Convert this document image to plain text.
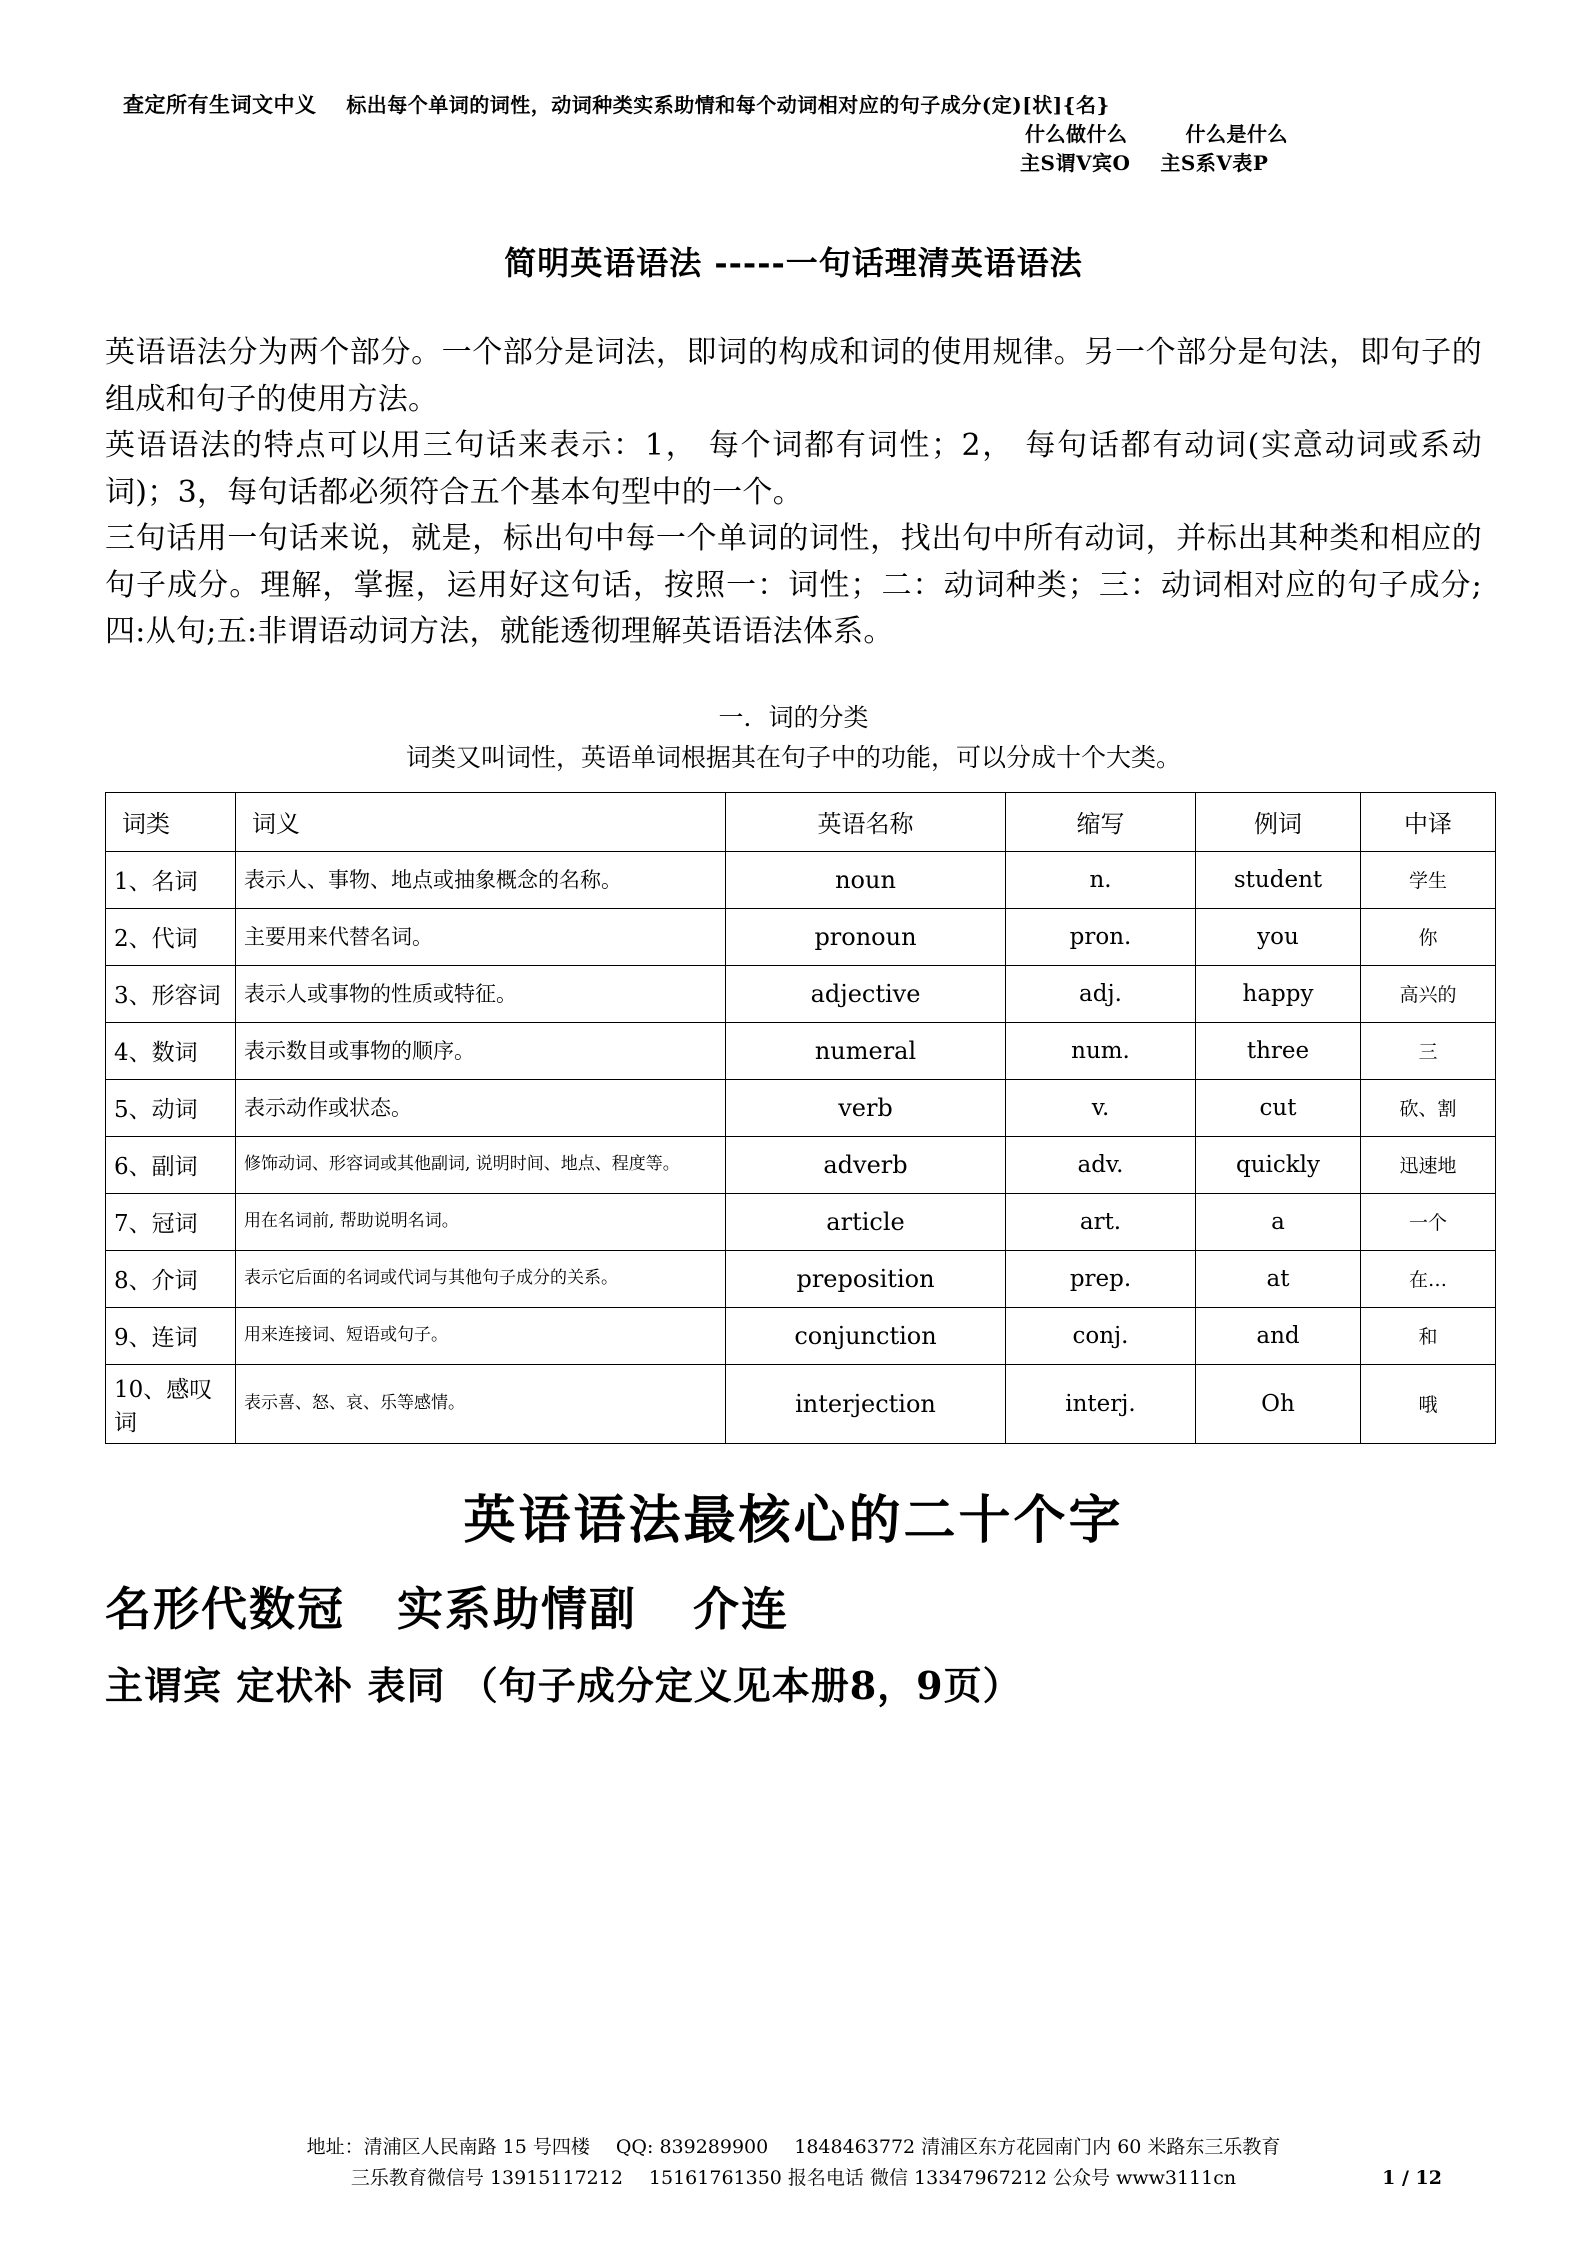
查定所有生词文中义 标出每个单词的词性，动词种类实系助情和每个动词相对应的句子成分(定)[状]{名}
什么做什么	什么是什么
主S谓V宾O 主S系V表P
简明英语语法 -----一句话理清英语语法

英语语法分为两个部分。一个部分是词法，即词的构成和词的使用规律。另一个部分是句法，即句子的组成和句子的使用方法。

英语语法的特点可以用三句话来表示：1， 每个词都有词性；2， 每句话都有动词(实意动词或系动词)；3，每句话都必须符合五个基本句型中的一个。

三句话用一句话来说，就是，标出句中每一个单词的词性，找出句中所有动词，并标出其种类和相应的句子成分。理解，掌握，运用好这句话，按照一：词性；二：动词种类；三：动词相对应的句子成分;四:从句;五:非谓语动词方法，就能透彻理解英语语法体系。

一．词的分类
词类又叫词性，英语单词根据其在句子中的功能，可以分成十个大类。
词类	词义	英语名称	缩写	例词	中译
1、名词	表示人、事物、地点或抽象概念的名称。	noun	n.	student	学生
2、代词	主要用来代替名词。	pronoun	pron.	you	你
3、形容词	表示人或事物的性质或特征。	adjective	adj.	happy	高兴的
4、数词	表示数目或事物的顺序。	numeral	num.	three	三
5、动词	表示动作或状态。	verb	v.	cut	砍、割
6、副词	修饰动词、形容词或其他副词, 说明时间、地点、程度等。	adverb	adv.	quickly	迅速地
7、冠词	用在名词前, 帮助说明名词。	article	art.	a	一个
8、介词	表示它后面的名词或代词与其他句子成分的关系。	preposition	prep.	at	在…
9、连词	用来连接词、短语或句子。	conjunction	conj.	and	和
10、感叹词	表示喜、怒、哀、乐等感情。	interjection	interj.	Oh	哦
英语语法最核心的二十个字
名形代数冠 实系助情副 介连
主谓宾 定状补 表同 （句子成分定义见本册8，9页）
地址：清浦区人民南路 15 号四楼 QQ: 839289900 1848463772 清浦区东方花园南门内 60 米路东三乐教育
三乐教育微信号 13915117212 15161761350 报名电话 微信 13347967212 公众号 www3111cn	1 / 12
